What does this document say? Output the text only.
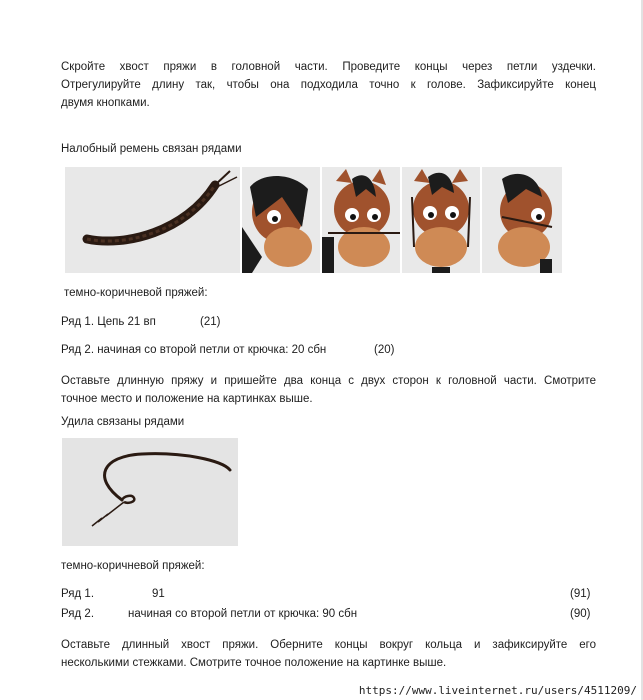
Скройте хвост пряжи в головной части. Проведите концы через петли уздечки.
Отрегулируйте длину так, чтобы она подходила точно к голове. Зафиксируйте конец
двумя кнопками.
Налобный ремень связан рядами
темно-коричневой пряжей:
Ряд 1. Цепь 21 вп	(21)
Ряд 2. начиная со второй петли от крючка: 20 сбн	(20)
Оставьте длинную пряжу и пришейте два конца с двух сторон к головной части. Смотрите
точное место и положение на картинках выше.
Удила связаны рядами
темно-коричневой пряжей:
Ряд 1.	91	(91)
Ряд 2.	начиная со второй петли от крючка: 90 сбн	(90)
Оставьте длинный хвост пряжи. Оберните концы вокруг кольца и зафиксируйте его
несколькими стежками. Смотрите точное положение на картинке выше.
https://www.liveinternet.ru/users/4511209/
